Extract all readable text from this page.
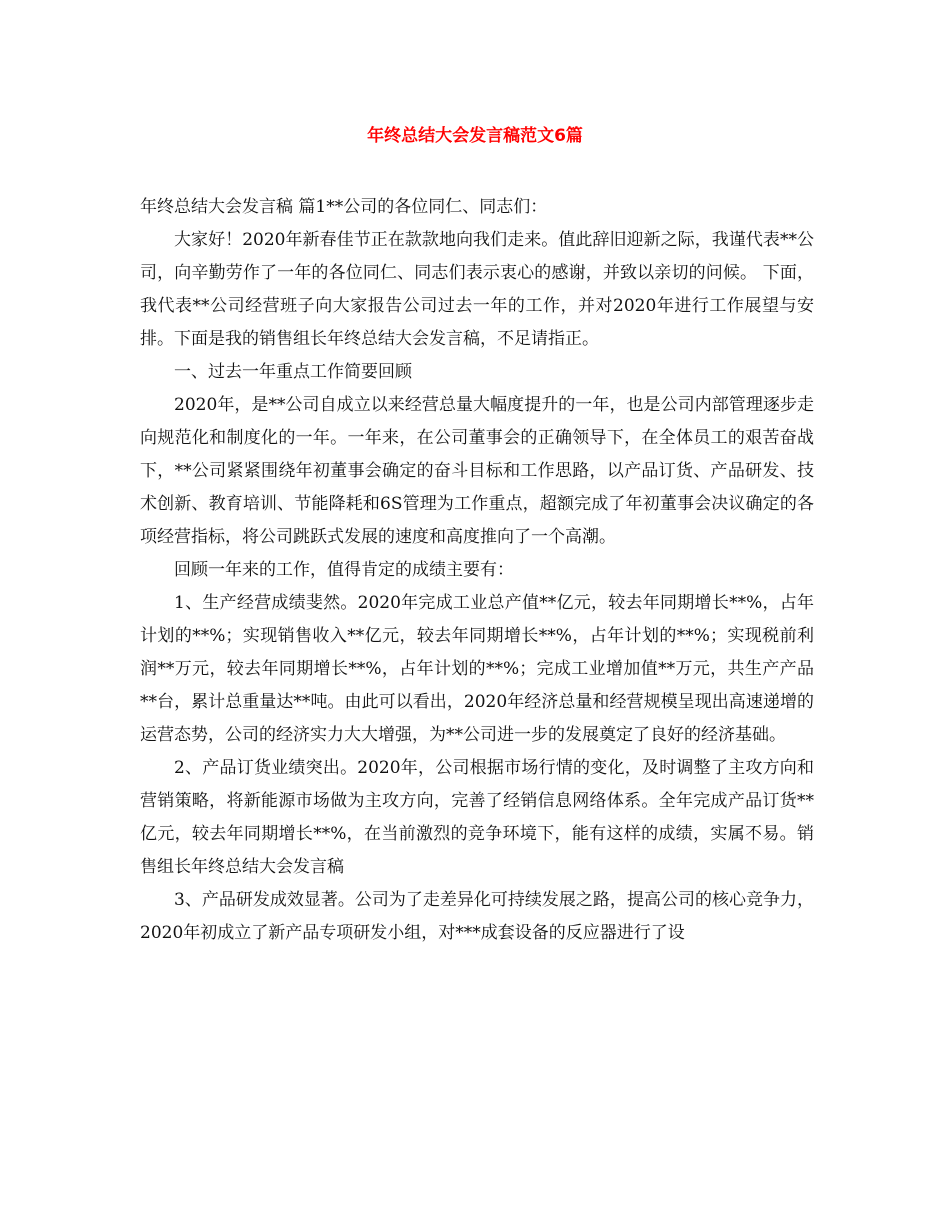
年终总结大会发言稿范文6篇

年终总结大会发言稿 篇1**公司的各位同仁、同志们：

大家好！2020年新春佳节正在款款地向我们走来。值此辞旧迎新之际，我谨代表**公司，向辛勤劳作了一年的各位同仁、同志们表示衷心的感谢，并致以亲切的问候。 下面，我代表**公司经营班子向大家报告公司过去一年的工作，并对2020年进行工作展望与安排。下面是我的销售组长年终总结大会发言稿，不足请指正。

一、过去一年重点工作简要回顾

2020年，是**公司自成立以来经营总量大幅度提升的一年，也是公司内部管理逐步走向规范化和制度化的一年。一年来，在公司董事会的正确领导下，在全体员工的艰苦奋战下，**公司紧紧围绕年初董事会确定的奋斗目标和工作思路，以产品订货、产品研发、技术创新、教育培训、节能降耗和6S管理为工作重点，超额完成了年初董事会决议确定的各项经营指标，将公司跳跃式发展的速度和高度推向了一个高潮。

回顾一年来的工作，值得肯定的成绩主要有：

1、生产经营成绩斐然。2020年完成工业总产值**亿元，较去年同期增长**%，占年计划的**%；实现销售收入**亿元，较去年同期增长**%，占年计划的**%；实现税前利润**万元，较去年同期增长**%，占年计划的**%；完成工业增加值**万元，共生产产品**台，累计总重量达**吨。由此可以看出，2020年经济总量和经营规模呈现出高速递增的运营态势，公司的经济实力大大增强，为**公司进一步的发展奠定了良好的经济基础。

2、产品订货业绩突出。2020年，公司根据市场行情的变化，及时调整了主攻方向和营销策略，将新能源市场做为主攻方向，完善了经销信息网络体系。全年完成产品订货**亿元，较去年同期增长**%，在当前激烈的竞争环境下，能有这样的成绩，实属不易。销售组长年终总结大会发言稿

3、产品研发成效显著。公司为了走差异化可持续发展之路，提高公司的核心竞争力，2020年初成立了新产品专项研发小组，对***成套设备的反应器进行了设
